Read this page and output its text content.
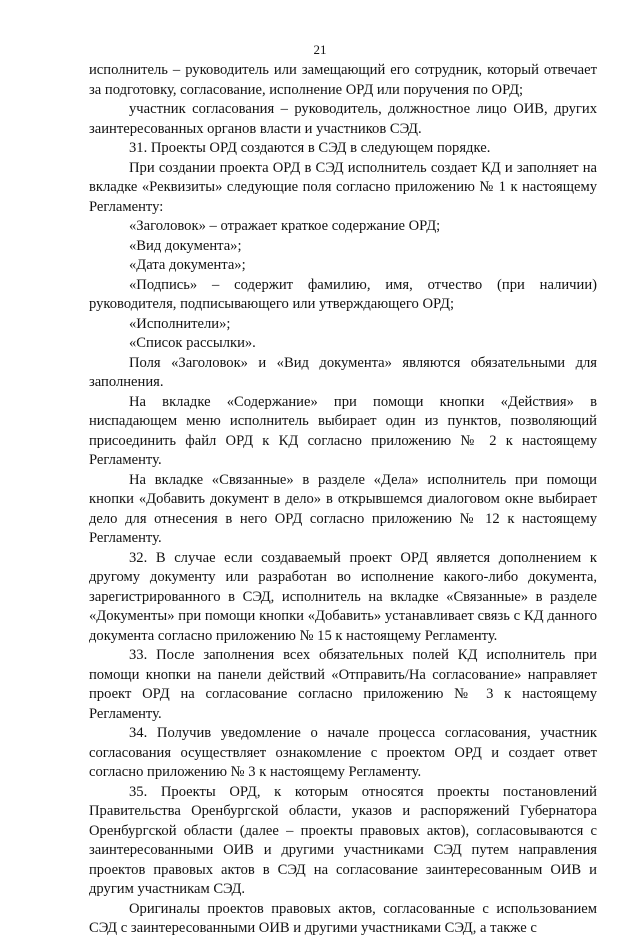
21

исполнитель – руководитель или замещающий его сотрудник, который отвечает за подготовку, согласование, исполнение ОРД или поручения по ОРД;

участник согласования – руководитель, должностное лицо ОИВ, других заинтересованных органов власти и участников СЭД.

31. Проекты ОРД создаются в СЭД в следующем порядке.

При создании проекта ОРД в СЭД исполнитель создает КД и заполняет на вкладке «Реквизиты» следующие поля согласно приложению № 1 к настоящему Регламенту:

«Заголовок» – отражает краткое содержание ОРД;

«Вид документа»;

«Дата документа»;

«Подпись» – содержит фамилию, имя, отчество (при наличии) руководителя, подписывающего или утверждающего ОРД;

«Исполнители»;

«Список рассылки».

Поля «Заголовок» и «Вид документа» являются обязательными для заполнения.

На вкладке «Содержание» при помощи кнопки «Действия» в ниспадающем меню исполнитель выбирает один из пунктов, позволяющий присоединить файл ОРД к КД согласно приложению № 2 к настоящему Регламенту.

На вкладке «Связанные» в разделе «Дела» исполнитель при помощи кнопки «Добавить документ в дело» в открывшемся диалоговом окне выбирает дело для отнесения в него ОРД согласно приложению № 12 к настоящему Регламенту.

32. В случае если создаваемый проект ОРД является дополнением к другому документу или разработан во исполнение какого-либо документа, зарегистрированного в СЭД, исполнитель на вкладке «Связанные» в разделе «Документы» при помощи кнопки «Добавить» устанавливает связь с КД данного документа согласно приложению № 15 к настоящему Регламенту.

33. После заполнения всех обязательных полей КД исполнитель при помощи кнопки на панели действий «Отправить/На согласование» направляет проект ОРД на согласование согласно приложению № 3 к настоящему Регламенту.

34. Получив уведомление о начале процесса согласования, участник согласования осуществляет ознакомление с проектом ОРД и создает ответ согласно приложению № 3 к настоящему Регламенту.

35. Проекты ОРД, к которым относятся проекты постановлений Правительства Оренбургской области, указов и распоряжений Губернатора Оренбургской области (далее – проекты правовых актов), согласовываются с заинтересованными ОИВ и другими участниками СЭД путем направления проектов правовых актов в СЭД на согласование заинтересованным ОИВ и другим участникам СЭД.

Оригиналы проектов правовых актов, согласованные с использованием СЭД с заинтересованными ОИВ и другими участниками СЭД, а также с
